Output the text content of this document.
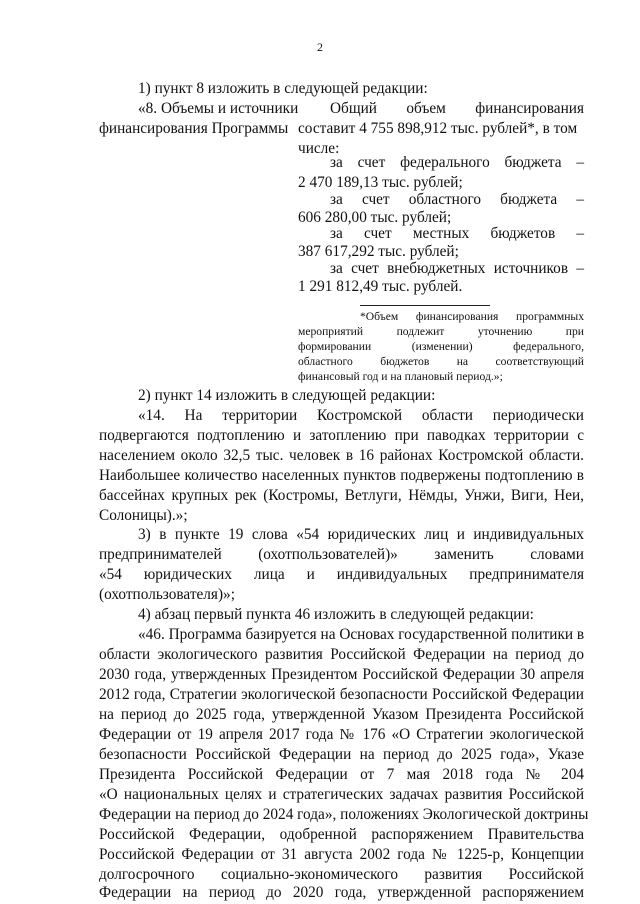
2
1) пункт 8 изложить в следующей редакции:
«8. Объемы и источники
финансирования Программы
Общий объем финансирования
составит 4 755 898,912 тыс. рублей*, в том
числе:
за счет федерального бюджета –
2 470 189,13 тыс. рублей;
за счет областного бюджета –
606 280,00 тыс. рублей;
за счет местных бюджетов –
387 617,292 тыс. рублей;
за счет внебюджетных источников –
1 291 812,49 тыс. рублей.
*Объем финансирования программных
мероприятий подлежит уточнению при
формировании (изменении) федерального,
областного бюджетов на соответствующий
финансовый год и на плановый период.»;
2) пункт 14 изложить в следующей редакции:
«14. На территории Костромской области периодически
подвергаются подтоплению и затоплению при паводках территории с
населением около 32,5 тыс. человек в 16 районах Костромской области.
Наибольшее количество населенных пунктов подвержены подтоплению в
бассейнах крупных рек (Костромы, Ветлуги, Нёмды, Унжи, Виги, Неи,
Солоницы).»;
3) в пункте 19 слова «54 юридических лиц и индивидуальных
предпринимателей (охотпользователей)» заменить словами
«54 юридических лица и индивидуальных предпринимателя
(охотпользователя)»;
4) абзац первый пункта 46 изложить в следующей редакции:
«46. Программа базируется на Основах государственной политики в
области экологического развития Российской Федерации на период до
2030 года, утвержденных Президентом Российской Федерации 30 апреля
2012 года, Стратегии экологической безопасности Российской Федерации
на период до 2025 года, утвержденной Указом Президента Российской
Федерации от 19 апреля 2017 года № 176 «О Стратегии экологической
безопасности Российской Федерации на период до 2025 года», Указе
Президента Российской Федерации от 7 мая 2018 года № 204
«О национальных целях и стратегических задачах развития Российской
Федерации на период до 2024 года», положениях Экологической доктрины
Российской Федерации, одобренной распоряжением Правительства
Российской Федерации от 31 августа 2002 года № 1225-р, Концепции
долгосрочного социально-экономического развития Российской
Федерации на период до 2020 года, утвержденной распоряжением
